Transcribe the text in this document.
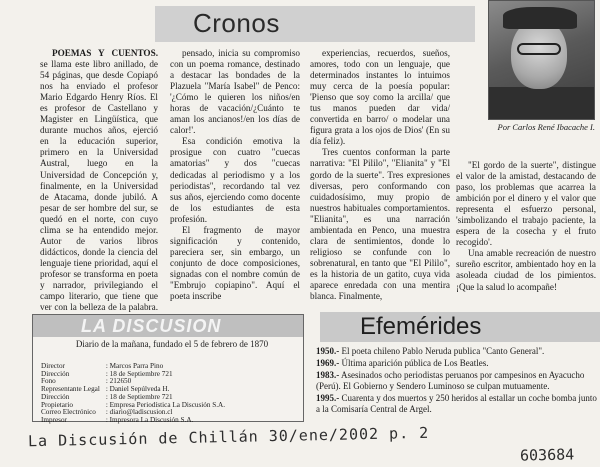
Cronos
Por Carlos René Ibacache I.

POEMAS Y CUENTOS. se llama este libro anillado, de 54 páginas, que desde Copiapó nos ha enviado el profesor Mario Edgardo Henry Ríos. El es profesor de Castellano y Magister en Lingüística, que durante muchos años, ejerció en la educación superior, primero en la Universidad Austral, luego en la Universidad de Concepción y, finalmente, en la Universidad de Atacama, donde jubiló. A pesar de ser hombre del sur, se quedó en el norte, con cuyo clima se ha entendido mejor. Autor de varios libros didácticos, donde la ciencia del lenguaje tiene prioridad, aquí el profesor se transforma en poeta y narrador, privilegiando el campo literario, que tiene que ver con la belleza de la palabra.

pensado, inicia su compromiso con un poema romance, destinado a destacar las bondades de la Plazuela "María Isabel" de Penco: '¿Cómo le quieren los niños/en horas de vacación/¿Cuánto te aman los ancianos!/en los días de calor!'.

Esa condición emotiva la prosigue con cuatro "cuecas amatorias" y dos "cuecas dedicadas al periodismo y a los periodistas", recordando tal vez sus años, ejerciendo como docente de los estudiantes de esta profesión.

El fragmento de mayor significación y contenido, pareciera ser, sin embargo, un conjunto de doce composiciones, signadas con el nombre común de "Embrujo copiapino". Aquí el poeta inscribe

experiencias, recuerdos, sueños, amores, todo con un lenguaje, que determinados instantes lo intuimos muy cerca de la poesía popular: 'Pienso que soy como la arcilla/ que tus manos pueden dar vida/ convertida en barro/ o modelar una figura grata a los ojos de Dios' (En su día feliz).

Tres cuentos conforman la parte narrativa: "El Pililo", "Elianita" y "El gordo de la suerte". Tres expresiones diversas, pero conformando con cuidadosísimo, muy propio de nuestros habituales comportamientos. "Elianita", es una narración ambientada en Penco, una muestra clara de sentimientos, donde lo religioso se confunde con lo sobrenatural, en tanto que "El Pililo", es la historia de un gatito, cuya vida aparece enredada con una mentira blanca. Finalmente,

"El gordo de la suerte", distingue el valor de la amistad, destacando de paso, los problemas que acarrea la ambición por el dinero y el valor que representa el esfuerzo personal, 'simbolizando el trabajo paciente, la espera de la cosecha y el fruto recogido'.

Una amable recreación de nuestro sureño escritor, ambientado hoy en la asoleada ciudad de los pimientos. ¡Que la salud lo acompañe!

LA DISCUSION
Diario de la mañana, fundado el 5 de febrero de 1870
Director	: Marcos Parra Pino
Dirección	: 18 de Septiembre 721
Fono	: 212650
Representante Legal	: Daniel Sepúlveda H.
Dirección	: 18 de Septiembre 721
Propietario	: Empresa Periodística La Discusión S.A.
Correo Electrónico	: diario@ladiscusion.cl
Impresor	: Impresora La Discusión S.A.
Efemérides
1950.- El poeta chileno Pablo Neruda publica "Canto General".
1969.- Última aparición pública de Los Beatles.
1983.- Asesinados ocho periodistas peruanos por campesinos en Ayacucho (Perú). El Gobierno y Sendero Luminoso se culpan mutuamente.
1995.- Cuarenta y dos muertos y 250 heridos al estallar un coche bomba junto a la Comisaría Central de Argel.
La Discusión de Chillán 30/ene/2002 p. 2
603684
